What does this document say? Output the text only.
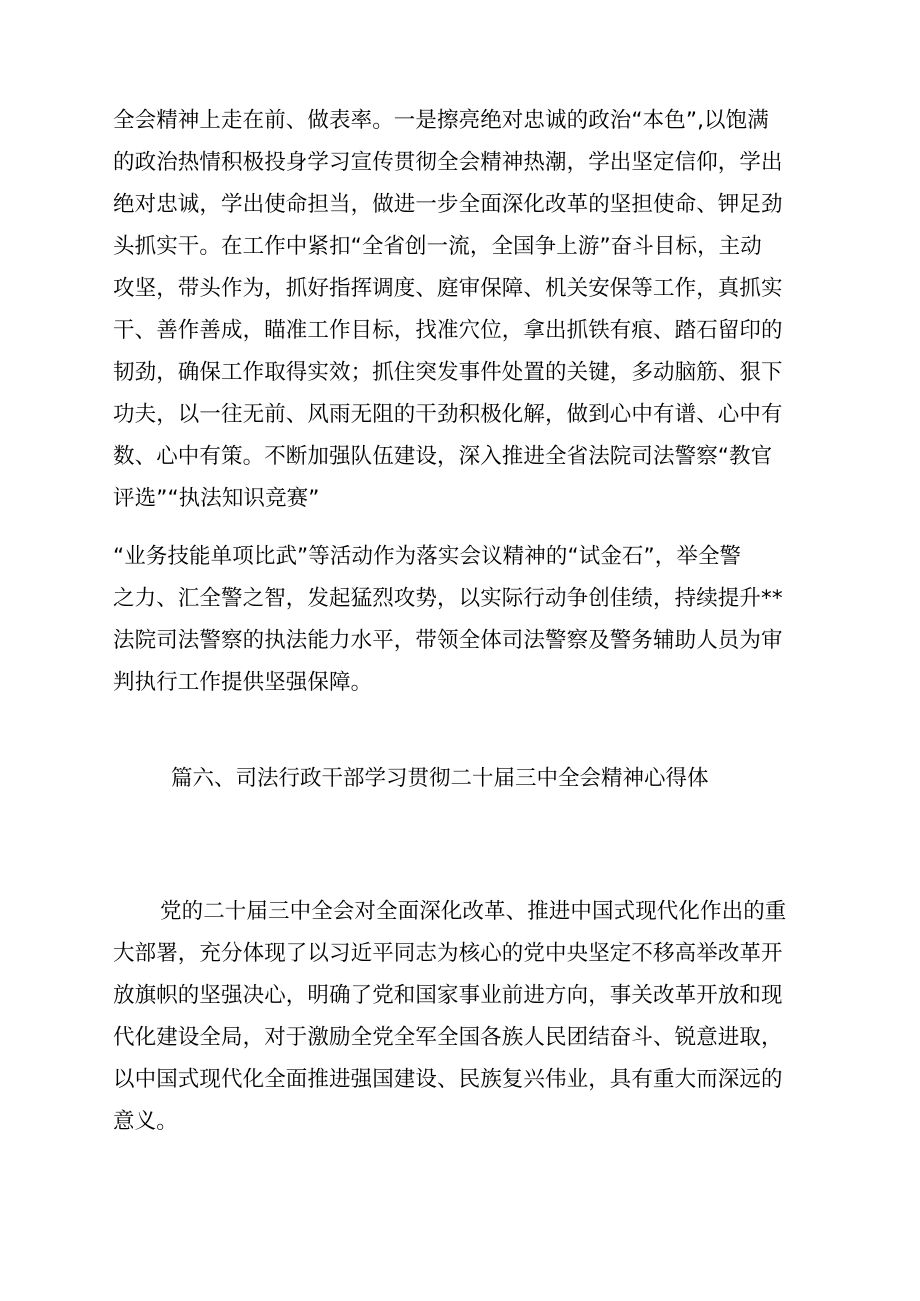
全会精神上走在前、做表率。一是擦亮绝对忠诚的政治“本色”,以饱满
的政治热情积极投身学习宣传贯彻全会精神热潮，学出坚定信仰，学出
绝对忠诚，学出使命担当，做进一步全面深化改革的坚担使命、钾足劲
头抓实干。在工作中紧扣“全省创一流，全国争上游”奋斗目标，主动
攻坚，带头作为，抓好指挥调度、庭审保障、机关安保等工作，真抓实
干、善作善成，瞄准工作目标，找准穴位，拿出抓铁有痕、踏石留印的
韧劲，确保工作取得实效；抓住突发事件处置的关键，多动脑筋、狠下
功夫，以一往无前、风雨无阻的干劲积极化解，做到心中有谱、心中有
数、心中有策。不断加强队伍建设，深入推进全省法院司法警察“教官
评选”“执法知识竞赛”
“业务技能单项比武”等活动作为落实会议精神的“试金石”，举全警
之力、汇全警之智，发起猛烈攻势，以实际行动争创佳绩，持续提升**
法院司法警察的执法能力水平，带领全体司法警察及警务辅助人员为审
判执行工作提供坚强保障。
篇六、司法行政干部学习贯彻二十届三中全会精神心得体
党的二十届三中全会对全面深化改革、推进中国式现代化作出的重
大部署，充分体现了以习近平同志为核心的党中央坚定不移高举改革开
放旗帜的坚强决心，明确了党和国家事业前进方向，事关改革开放和现
代化建设全局，对于激励全党全军全国各族人民团结奋斗、锐意进取，
以中国式现代化全面推进强国建设、民族复兴伟业，具有重大而深远的
意义。
